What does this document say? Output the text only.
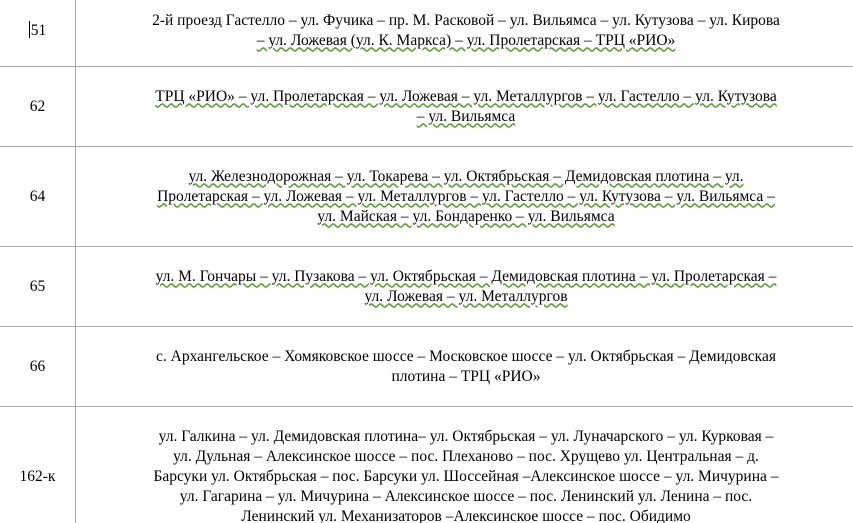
51	2-й проезд Гастелло – ул. Фучика – пр. М. Расковой – ул. Вильямса – ул. Кутузова – ул. Кирова
– ул. Ложевая (ул. К. Маркса) – ул. Пролетарская – ТРЦ «РИО»

62	ТРЦ «РИО» – ул. Пролетарская – ул. Ложевая – ул. Металлургов – ул. Гастелло – ул. Кутузова
– ул. Вильямса

64	ул. Железнодорожная – ул. Токарева – ул. Октябрьская – Демидовская плотина – ул.
Пролетарская – ул. Ложевая – ул. Металлургов – ул. Гастелло – ул. Кутузова – ул. Вильямса –
ул. Майская – ул. Бондаренко – ул. Вильямса

65	ул. М. Гончары – ул. Пузакова – ул. Октябрьская – Демидовская плотина – ул. Пролетарская –
ул. Ложевая – ул. Металлургов

66	с. Архангельское – Хомяковское шоссе – Московское шоссе – ул. Октябрьская – Демидовская
плотина – ТРЦ «РИО»

162-к	ул. Галкина – ул. Демидовская плотина– ул. Октябрьская – ул. Луначарского – ул. Курковая –
ул. Дульная – Алексинское шоссе – пос. Плеханово – пос. Хрущево ул. Центральная – д.
Барсуки ул. Октябрьская – пос. Барсуки ул. Шоссейная –Алексинское шоссе – ул. Мичурина –
ул. Гагарина – ул. Мичурина – Алексинское шоссе – пос. Ленинский ул. Ленина – пос.
Ленинский ул. Механизаторов –Алексинское шоссе – пос. Обидимо
